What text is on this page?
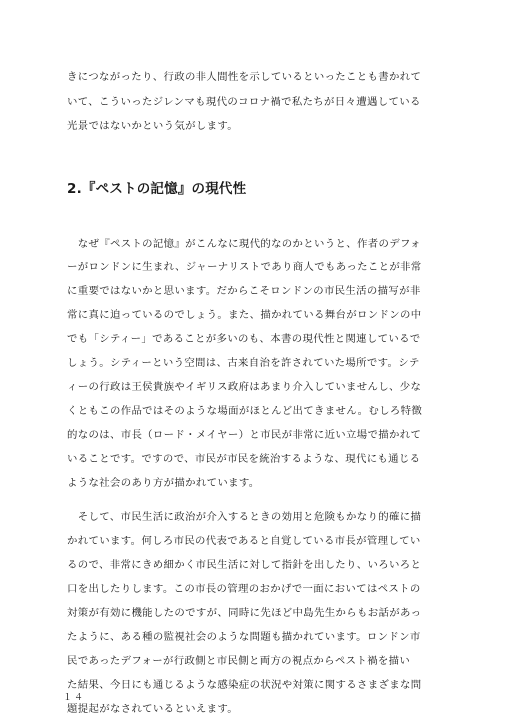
きにつながったり、行政の非人間性を示しているといったことも書かれて
いて、こういったジレンマも現代のコロナ禍で私たちが日々遭遇している
光景ではないかという気がします。
2.『ペストの記憶』の現代性
　なぜ『ペストの記憶』がこんなに現代的なのかというと、作者のデフォ
ーがロンドンに生まれ、ジャーナリストであり商人でもあったことが非常
に重要ではないかと思います。だからこそロンドンの市民生活の描写が非
常に真に迫っているのでしょう。また、描かれている舞台がロンドンの中
でも「シティー」であることが多いのも、本書の現代性と関連しているで
しょう。シティーという空間は、古来自治を許されていた場所です。シテ
ィーの行政は王侯貴族やイギリス政府はあまり介入していませんし、少な
くともこの作品ではそのような場面がほとんど出てきません。むしろ特徴
的なのは、市長（ロード・メイヤー）と市民が非常に近い立場で描かれて
いることです。ですので、市民が市民を統治するような、現代にも通じる
ような社会のあり方が描かれています。
　そして、市民生活に政治が介入するときの効用と危険もかなり的確に描
かれています。何しろ市民の代表であると自覚している市長が管理してい
るので、非常にきめ細かく市民生活に対して指針を出したり、いろいろと
口を出したりします。この市長の管理のおかげで一面においてはペストの
対策が有効に機能したのですが、同時に先ほど中島先生からもお話があっ
たように、ある種の監視社会のような問題も描かれています。ロンドン市
民であったデフォーが行政側と市民側と両方の視点からペスト禍を描い
た結果、今日にも通じるような感染症の状況や対策に関するさまざまな問
題提起がなされているといえます。
１４
